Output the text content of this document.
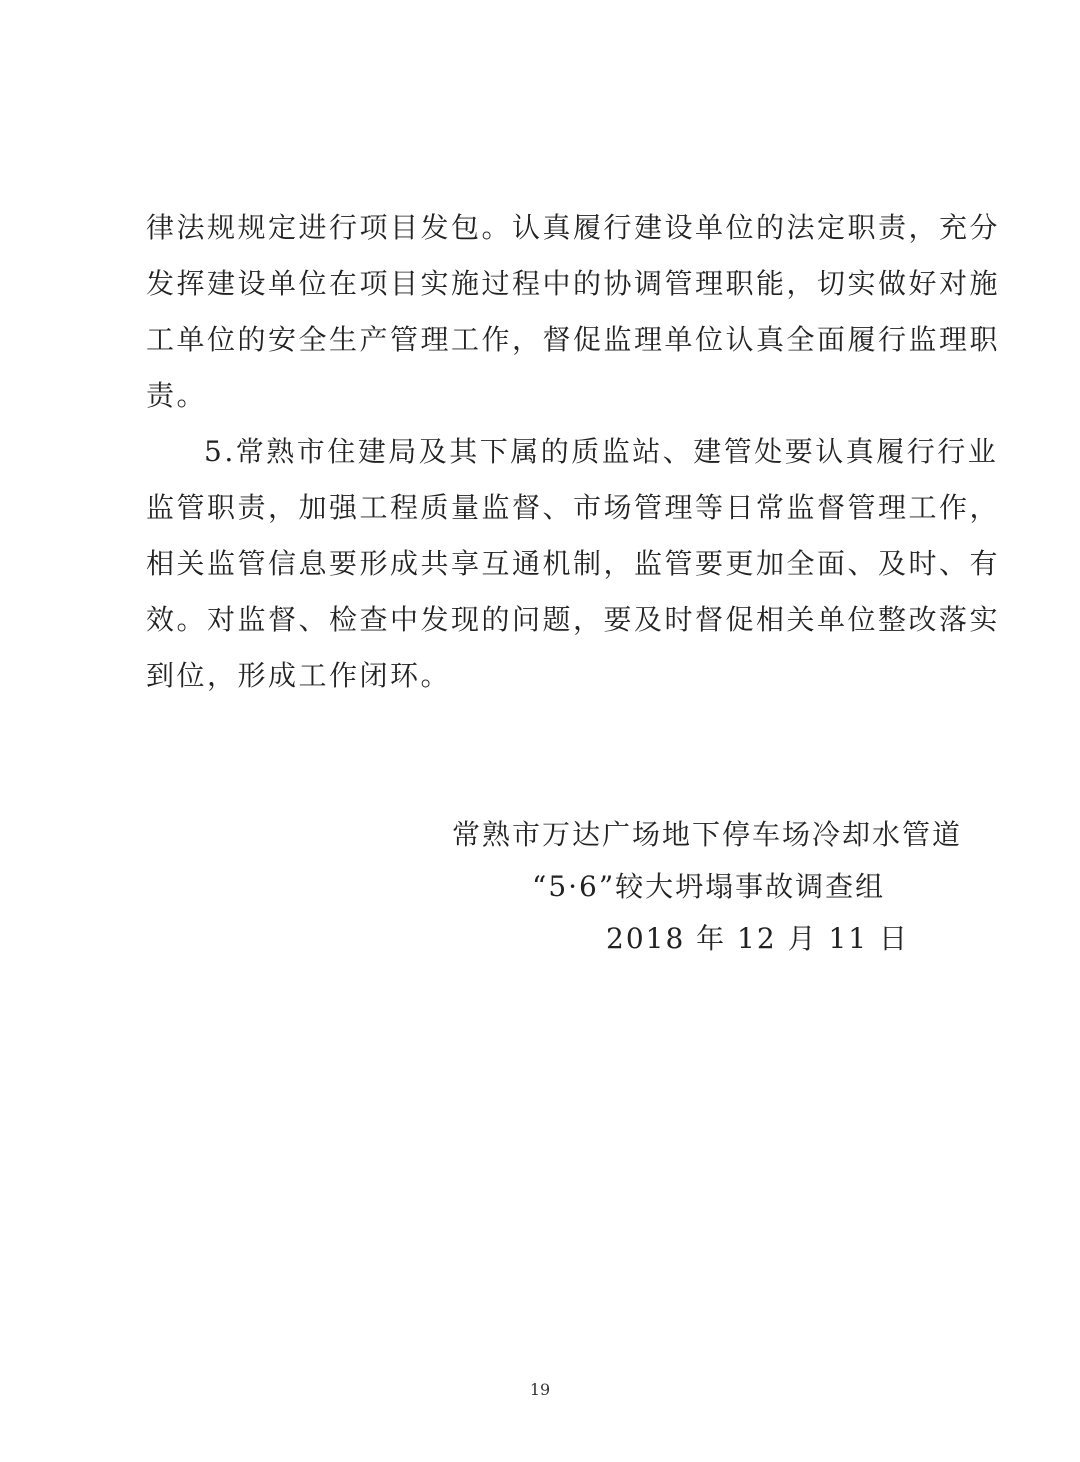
律法规规定进行项目发包。认真履行建设单位的法定职责，充分
发挥建设单位在项目实施过程中的协调管理职能，切实做好对施
工单位的安全生产管理工作，督促监理单位认真全面履行监理职
责。
5.常熟市住建局及其下属的质监站、建管处要认真履行行业
监管职责，加强工程质量监督、市场管理等日常监督管理工作，
相关监管信息要形成共享互通机制，监管要更加全面、及时、有
效。对监督、检查中发现的问题，要及时督促相关单位整改落实
到位，形成工作闭环。
常熟市万达广场地下停车场冷却水管道
“5·6”较大坍塌事故调查组
2018 年 12 月 11 日
19
